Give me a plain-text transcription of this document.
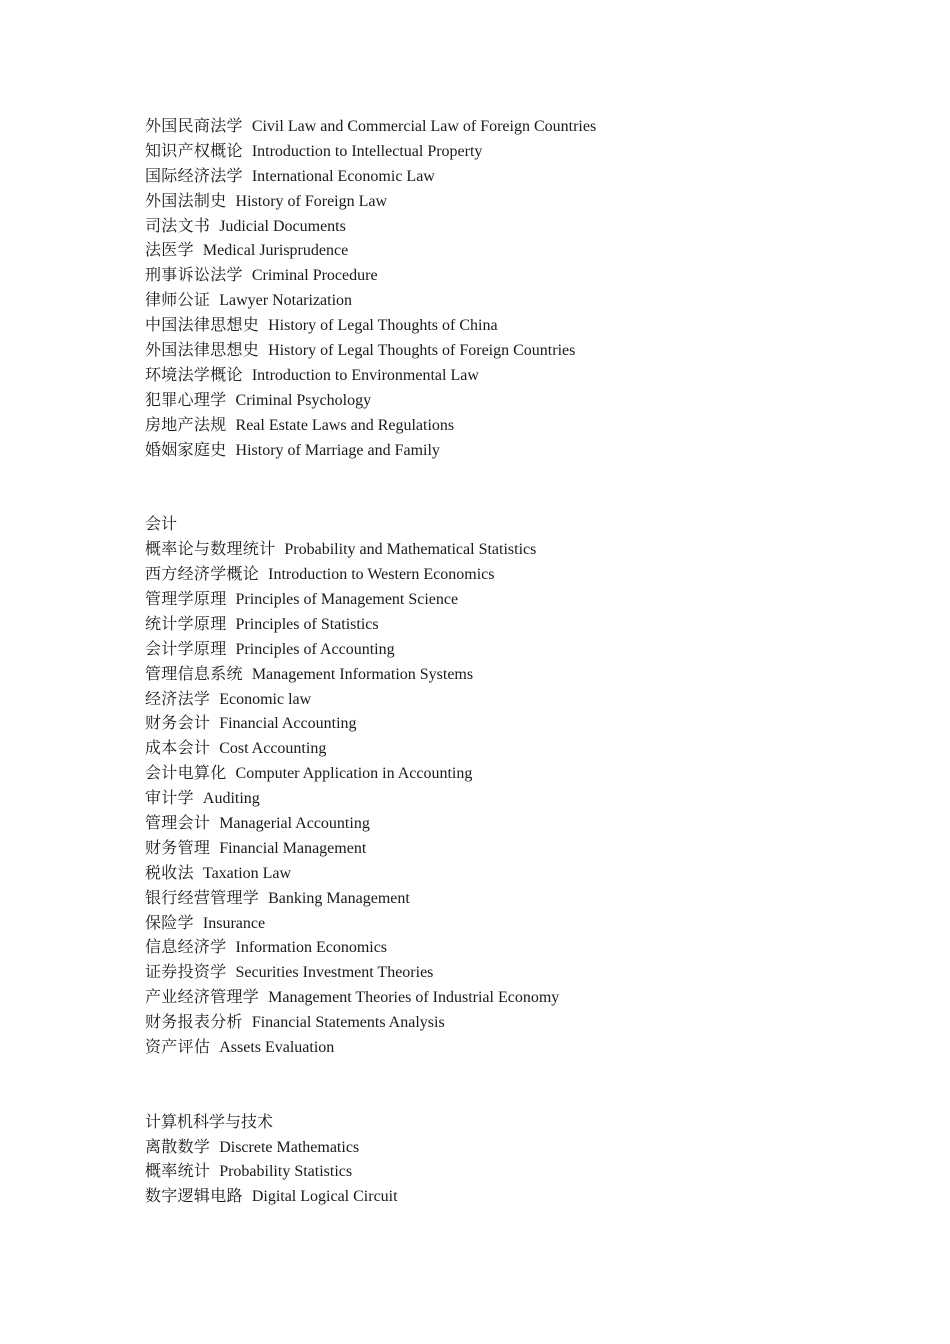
外国民商法学 Civil Law and Commercial Law of Foreign Countries
知识产权概论 Introduction to Intellectual Property
国际经济法学 International Economic Law
外国法制史 History of Foreign Law
司法文书 Judicial Documents
法医学 Medical Jurisprudence
刑事诉讼法学 Criminal Procedure
律师公证 Lawyer Notarization
中国法律思想史 History of Legal Thoughts of China
外国法律思想史 History of Legal Thoughts of Foreign Countries
环境法学概论 Introduction to Environmental Law
犯罪心理学 Criminal Psychology
房地产法规 Real Estate Laws and Regulations
婚姻家庭史 History of Marriage and Family
会计
概率论与数理统计 Probability and Mathematical Statistics
西方经济学概论 Introduction to Western Economics
管理学原理 Principles of Management Science
统计学原理 Principles of Statistics
会计学原理 Principles of Accounting
管理信息系统 Management Information Systems
经济法学 Economic law
财务会计 Financial Accounting
成本会计 Cost Accounting
会计电算化 Computer Application in Accounting
审计学 Auditing
管理会计 Managerial Accounting
财务管理 Financial Management
税收法 Taxation Law
银行经营管理学 Banking Management
保险学 Insurance
信息经济学 Information Economics
证券投资学 Securities Investment Theories
产业经济管理学 Management Theories of Industrial Economy
财务报表分析 Financial Statements Analysis
资产评估 Assets Evaluation
计算机科学与技术
离散数学 Discrete Mathematics
概率统计 Probability Statistics
数字逻辑电路 Digital Logical Circuit
